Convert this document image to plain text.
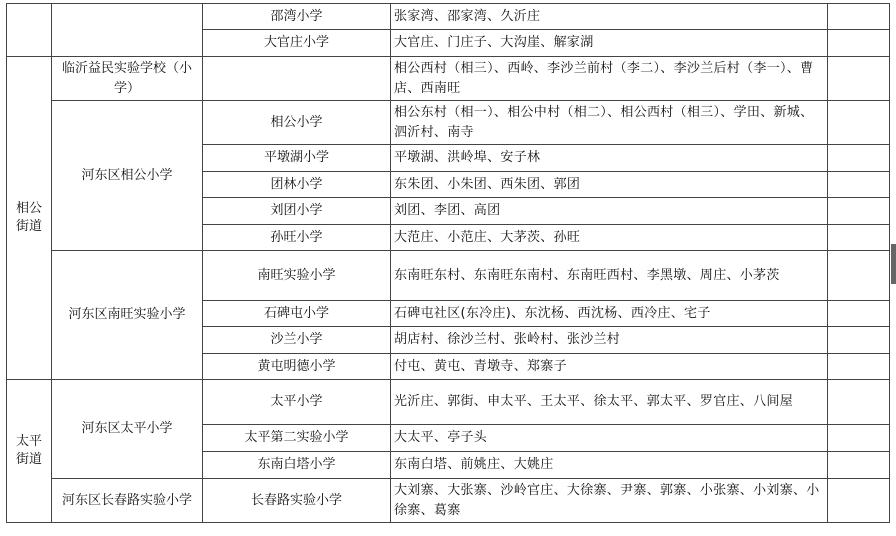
		邵湾小学	张家湾、邵家湾、久沂庄	
		大官庄小学	大官庄、门庄子、大沟崖、解家湖	
相公街道	临沂益民实验学校（小学）		相公西村（相三）、西岭、李沙兰前村（李二）、李沙兰后村（李一）、曹店、西南旺	
	河东区相公小学	相公小学	相公东村（相一）、相公中村（相二）、相公西村（相三）、学田、新城、泗沂村、南寺	
		平墩湖小学	平墩湖、洪岭埠、安子林	
		团林小学	东朱团、小朱团、西朱团、郭团	
		刘团小学	刘团、李团、高团	
		孙旺小学	大范庄、小范庄、大茅茨、孙旺	
	河东区南旺实验小学	南旺实验小学	东南旺东村、东南旺东南村、东南旺西村、李黑墩、周庄、小茅茨	
		石碑屯小学	石碑屯社区(东冷庄)、东沈杨、西沈杨、西冷庄、宅子	
		沙兰小学	胡店村、徐沙兰村、张岭村、张沙兰村	
		黄屯明德小学	付屯、黄屯、青墩寺、郑寨子	
太平街道	河东区太平小学	太平小学	光沂庄、郭街、申太平、王太平、徐太平、郭太平、罗官庄、八间屋	
		太平第二实验小学	大太平、亭子头	
		东南白塔小学	东南白塔、前姚庄、大姚庄	
	河东区长春路实验小学	长春路实验小学	大刘寨、大张寨、沙岭官庄、大徐寨、尹寨、郭寨、小张寨、小刘寨、小徐寨、葛寨	
